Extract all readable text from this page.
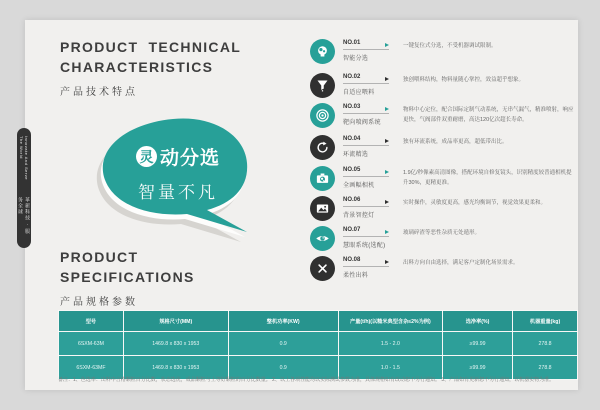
Innovate And Serve The World
革新科技 · 服务全球
PRODUCT TECHNICAL
CHARACTERISTICS
产品技术特点
灵 动分选
智量不凡
NO.01
智能分选
一键复位式分选，不受机器调试限制。
NO.02
自适应喂料
独创喂料结构，物料量随心掌控，效益超乎想象。
NO.03
靶向喷阀系统
物料中心定位，配合国际定制气动系统，无串气漏气，精准喷射，响应更快，气阀部件双重耐磨，高达120亿次超长寿命。
NO.04
环流精选
独有环流系统，成品率更高，超低带出比。
NO.05
全画幅相机
1.9亿/秒像素高清图像，搭配环境自修复镜头，识别精度较普通相机提升30%，更精更准。
NO.06
背景智控灯
实时操作，灵敏度更高，感光均衡调节，视觉效果更柔和。
NO.07
慧眼系统(选配)
玻璃碎渣等恶性杂质无处遁形。
NO.08
柔性出料
出料方向自由选择，满足客户定制化场景需求。
PRODUCT
SPECIFICATIONS
产品规格参数
型号	规格尺寸(MM)	整机功率(KW)	产量(t/h)(以糙米典型含杂≤2%为例)	选净率(%)	机器重量(kg)
6SXM-63M	1469.8 x 830 x 1953	0.9	1.5 - 2.0	≥99.99	278.8
6SXM-63MF	1469.8 x 830 x 1953	0.9	1.0 - 1.5	≥99.99	278.8
备注：1、色选率：出料中合格颗粒百分比数，状态选优，成品颗粒与上等好颗粒的百分比数量。 2、以上各项性能均以实际测试参数为准，具体规格如有改动恕不另行通知。 3、产品如有更新恕不另行通知，以机器实物为准。
